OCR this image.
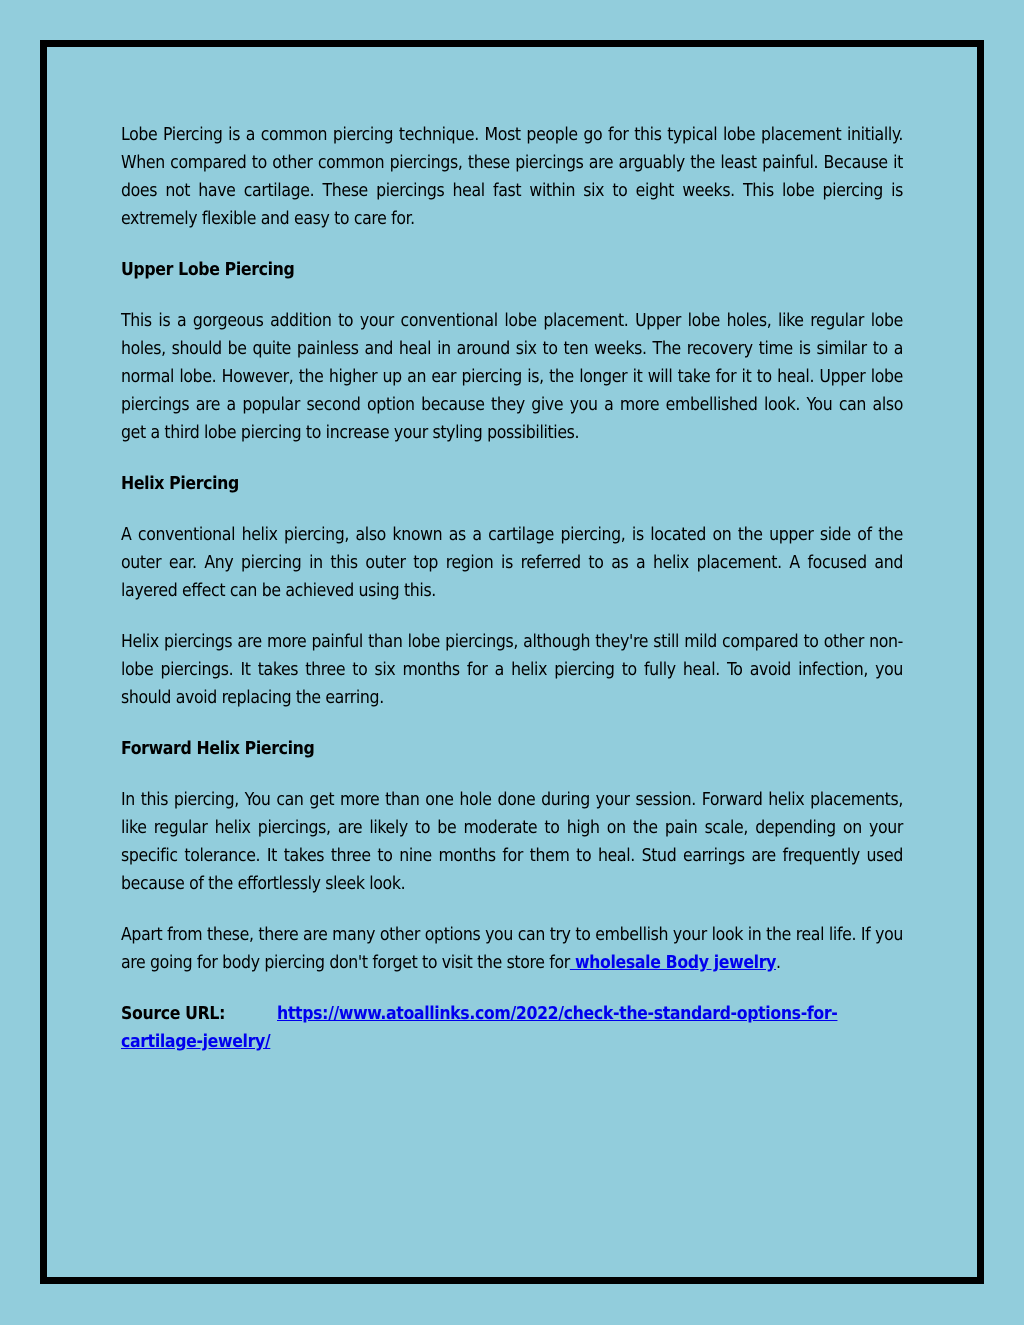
Lobe Piercing is a common piercing technique. Most people go for this typical lobe placement initially. When compared to other common piercings, these piercings are arguably the least painful. Because it does not have cartilage. These piercings heal fast within six to eight weeks. This lobe piercing is extremely flexible and easy to care for.

Upper Lobe Piercing

This is a gorgeous addition to your conventional lobe placement. Upper lobe holes, like regular lobe holes, should be quite painless and heal in around six to ten weeks. The recovery time is similar to a normal lobe. However, the higher up an ear piercing is, the longer it will take for it to heal. Upper lobe piercings are a popular second option because they give you a more embellished look. You can also get a third lobe piercing to increase your styling possibilities.

Helix Piercing

A conventional helix piercing, also known as a cartilage piercing, is located on the upper side of the outer ear. Any piercing in this outer top region is referred to as a helix placement. A focused and layered effect can be achieved using this.

Helix piercings are more painful than lobe piercings, although they're still mild compared to other non-lobe piercings. It takes three to six months for a helix piercing to fully heal. To avoid infection, you should avoid replacing the earring.

Forward Helix Piercing

In this piercing, You can get more than one hole done during your session. Forward helix placements, like regular helix piercings, are likely to be moderate to high on the pain scale, depending on your specific tolerance. It takes three to nine months for them to heal. Stud earrings are frequently used because of the effortlessly sleek look.

Apart from these, there are many other options you can try to embellish your look in the real life. If you are going for body piercing don't forget to visit the store for wholesale Body jewelry.

Source URL:	https://www.atoallinks.com/2022/check-the-standard-options-for-cartilage-jewelry/
